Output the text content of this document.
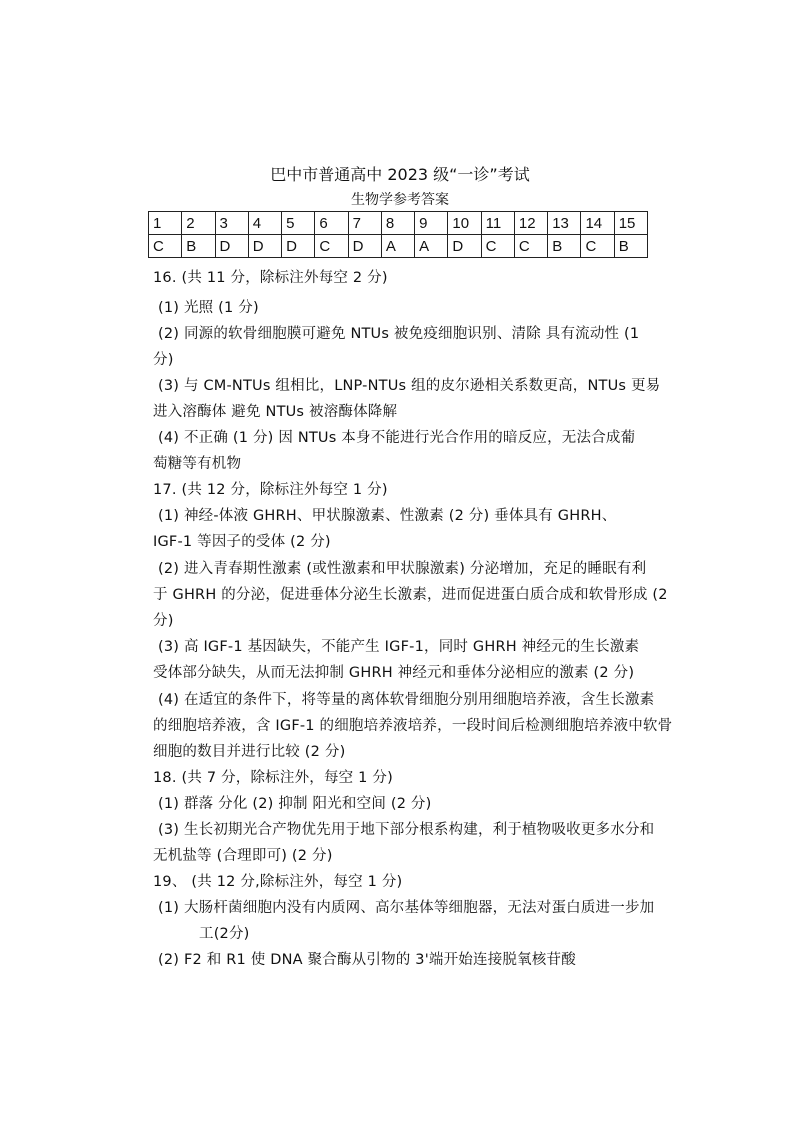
巴中市普通高中 2023 级“一诊”考试
生物学参考答案
1	2	3	4	5	6	7	8	9	10	11	12	13	14	15
C	B	D	D	D	C	D	A	A	D	C	C	B	C	B
16. (共 11 分，除标注外每空 2 分)
(1) 光照 (1 分)
(2) 同源的软骨细胞膜可避免 NTUs 被免疫细胞识别、清除 具有流动性 (1
分)
(3) 与 CM-NTUs 组相比，LNP-NTUs 组的皮尔逊相关系数更高，NTUs 更易
进入溶酶体 避免 NTUs 被溶酶体降解
(4) 不正确 (1 分) 因 NTUs 本身不能进行光合作用的暗反应，无法合成葡
萄糖等有机物
17. (共 12 分，除标注外每空 1 分)
(1) 神经-体液 GHRH、甲状腺激素、性激素 (2 分) 垂体具有 GHRH、
IGF-1 等因子的受体 (2 分)
(2) 进入青春期性激素 (或性激素和甲状腺激素) 分泌增加，充足的睡眠有利
于 GHRH 的分泌，促进垂体分泌生长激素，进而促进蛋白质合成和软骨形成 (2
分)
(3) 高 IGF-1 基因缺失，不能产生 IGF-1，同时 GHRH 神经元的生长激素
受体部分缺失，从而无法抑制 GHRH 神经元和垂体分泌相应的激素 (2 分)
(4) 在适宜的条件下，将等量的离体软骨细胞分别用细胞培养液，含生长激素
的细胞培养液，含 IGF-1 的细胞培养液培养，一段时间后检测细胞培养液中软骨
细胞的数目并进行比较 (2 分)
18. (共 7 分，除标注外，每空 1 分)
(1) 群落 分化 (2) 抑制 阳光和空间 (2 分)
(3) 生长初期光合产物优先用于地下部分根系构建，利于植物吸收更多水分和
无机盐等 (合理即可) (2 分)
19、 (共 12 分,除标注外，每空 1 分)
(1) 大肠杆菌细胞内没有内质网、高尔基体等细胞器，无法对蛋白质进一步加
工(2分)
(2) F2 和 R1 使 DNA 聚合酶从引物的 3'端开始连接脱氧核苷酸
